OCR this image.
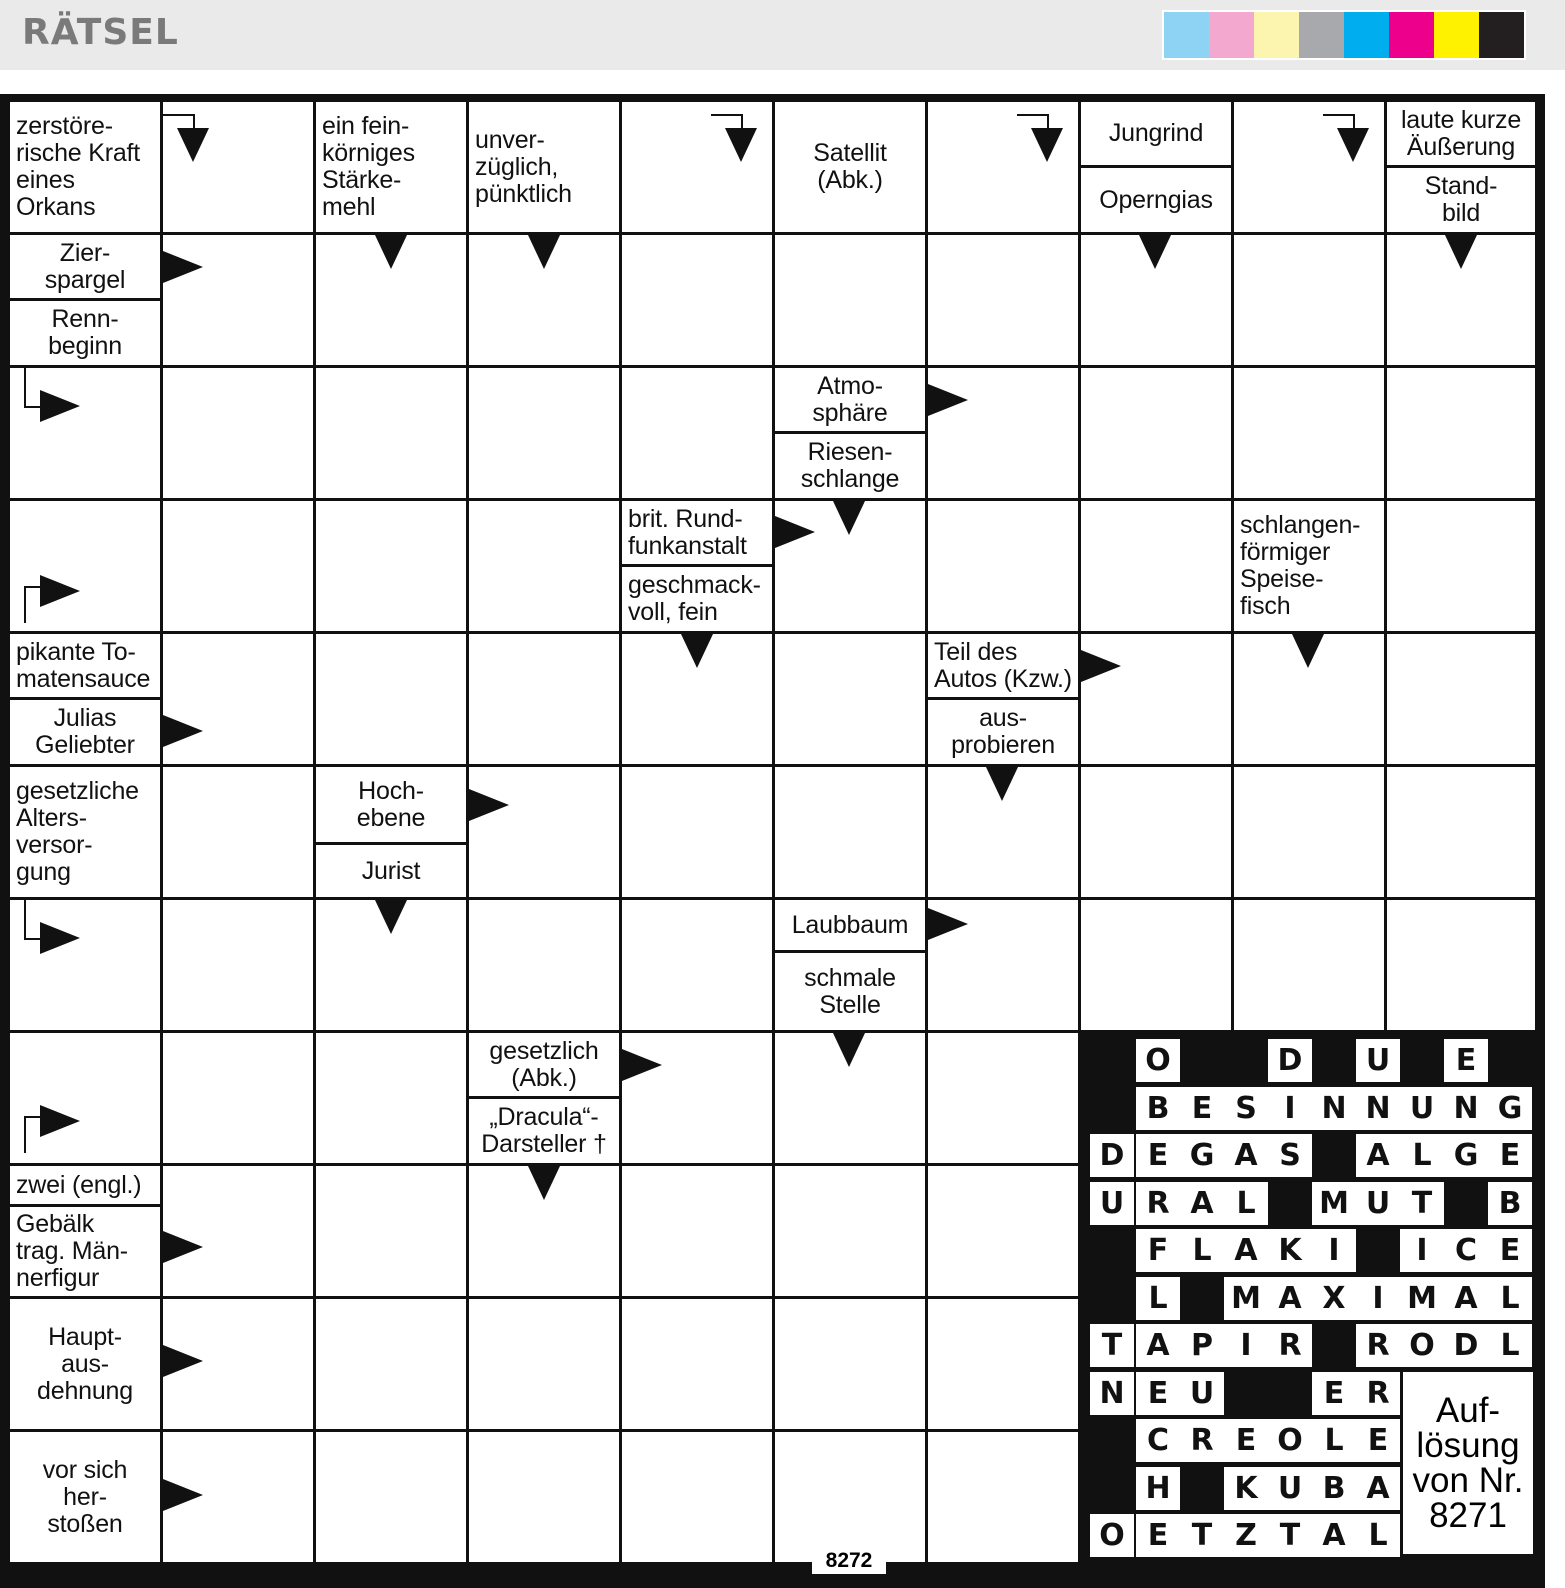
RÄTSEL
zerstöre-
rische Kraft
eines
Orkans
ein fein-
körniges
Stärke-
mehl
unver-
züglich,
pünktlich
Satellit
(Abk.)
Jungrind
Operngias
laute kurze
Äußerung
Stand-
bild
Zier-
spargel
Renn-
beginn
Atmo-
sphäre
Riesen-
schlange
brit. Rund-
funkanstalt
geschmack-
voll, fein
schlangen-
förmiger
Speise-
fisch
pikante To-
matensauce
Julias
Geliebter
Teil des
Autos (Kzw.)
aus-
probieren
gesetzliche
Alters-
versor-
gung
Hoch-
ebene
Jurist
Laubbaum
schmale
Stelle
gesetzlich
(Abk.)
„Dracula“-
Darsteller †
zwei (engl.)
Gebälk
trag. Män-
nerfigur
Haupt-
aus-
dehnung
vor sich
her-
stoßen
O	D	U	E
B E S I N N U N G
D E G A S	A L G E
U R A L	M U T	B
F L A K I	I C E
L	M A X I M A L
T A P I R	R O D L
N E U	E R
C R E O L E
H	K U B A
O E T Z T A L
Auf-
lösung
von Nr.
8271
8272
